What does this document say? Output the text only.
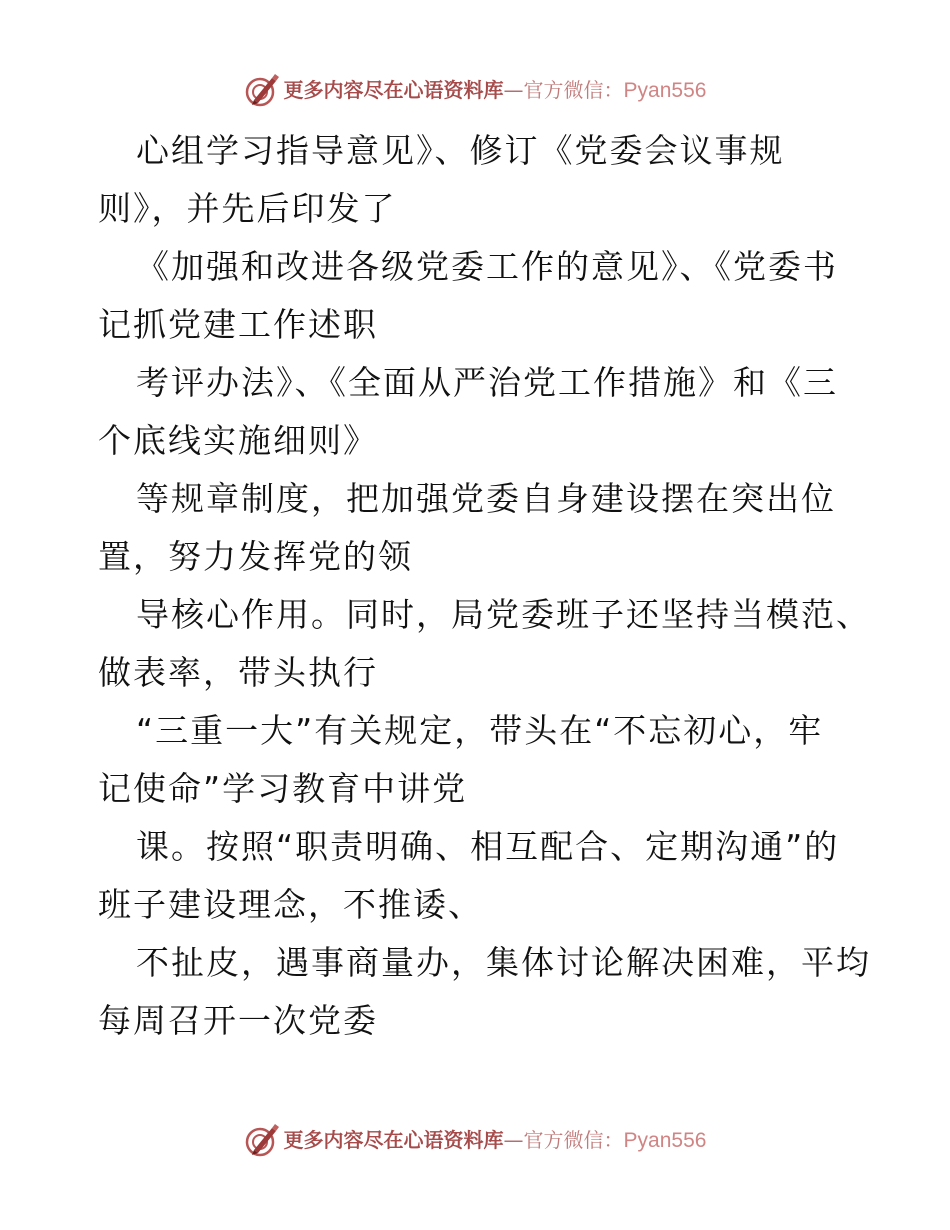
更多内容尽在心语资料库 — 官方微信： Pyan556
心组学习指导意见》、修订《党委会议事规
则》，并先后印发了
《加强和改进各级党委工作的意见》、《党委书
记抓党建工作述职
考评办法》、《全面从严治党工作措施》和《三
个底线实施细则》
等规章制度，把加强党委自身建设摆在突出位
置，努力发挥党的领
导核心作用。同时，局党委班子还坚持当模范、
做表率，带头执行
“三重一大”有关规定，带头在“不忘初心，牢
记使命”学习教育中讲党
课。按照“职责明确、相互配合、定期沟通”的
班子建设理念，不推诿、
不扯皮，遇事商量办，集体讨论解决困难，平均
每周召开一次党委
更多内容尽在心语资料库 — 官方微信： Pyan556
